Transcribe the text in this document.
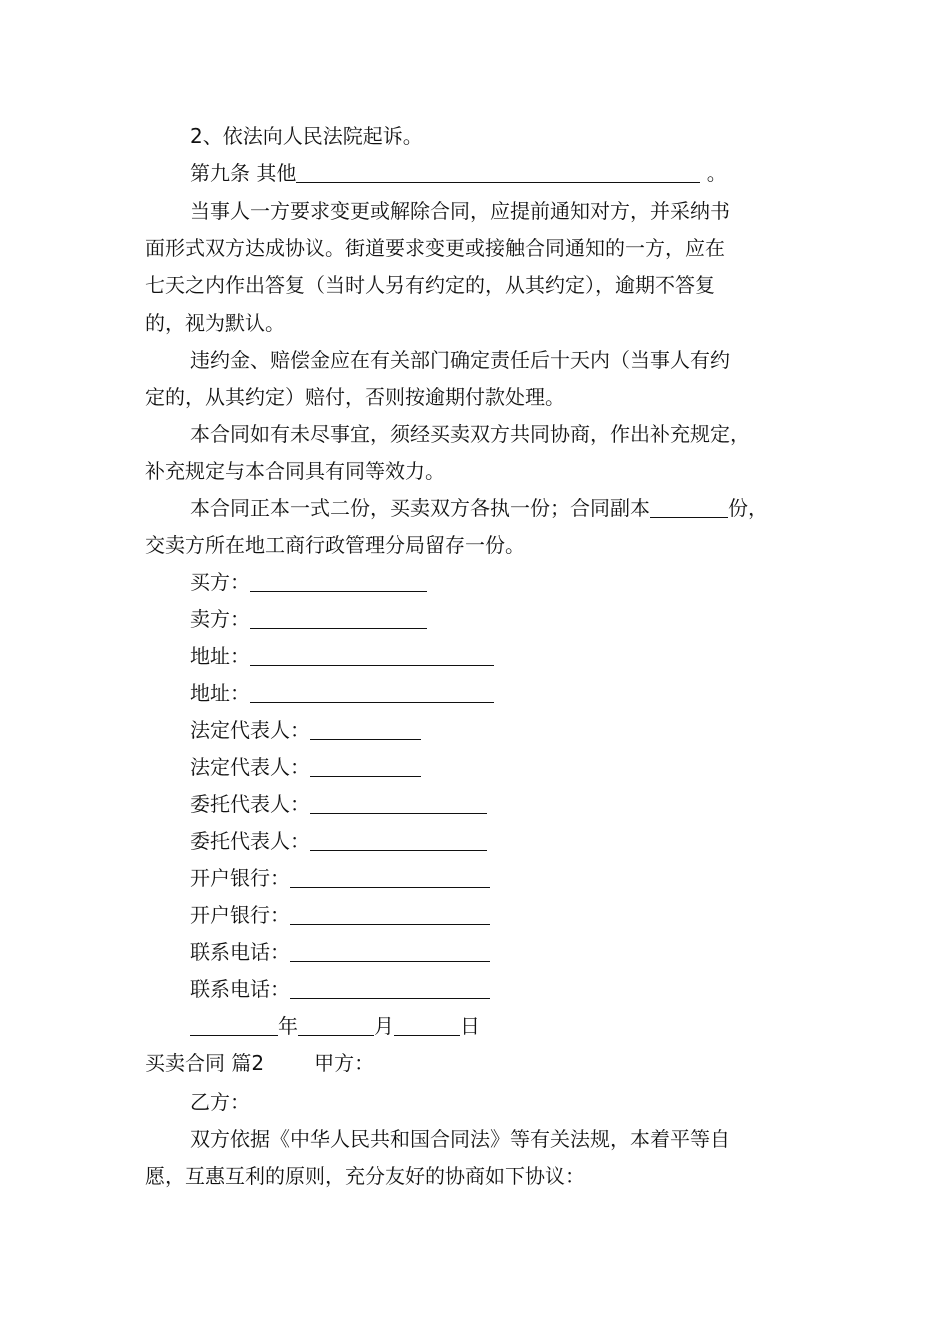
2、依法向人民法院起诉。
第九条 其他	。
当事人一方要求变更或解除合同，应提前通知对方，并采纳书
面形式双方达成协议。街道要求变更或接触合同通知的一方，应在
七天之内作出答复（当时人另有约定的，从其约定），逾期不答复
的，视为默认。
违约金、赔偿金应在有关部门确定责任后十天内（当事人有约
定的，从其约定）赔付，否则按逾期付款处理。
本合同如有未尽事宜，须经买卖双方共同协商，作出补充规定，
补充规定与本合同具有同等效力。
本合同正本一式二份，买卖双方各执一份；合同副本	份，
交卖方所在地工商行政管理分局留存一份。
买方：
卖方：
地址：
地址：
法定代表人：
法定代表人：
委托代表人：
委托代表人：
开户银行：
开户银行：
联系电话：
联系电话：
年	月	日
买卖合同 篇2	甲方：
乙方：
双方依据《中华人民共和国合同法》等有关法规，本着平等自
愿，互惠互利的原则，充分友好的协商如下协议：
